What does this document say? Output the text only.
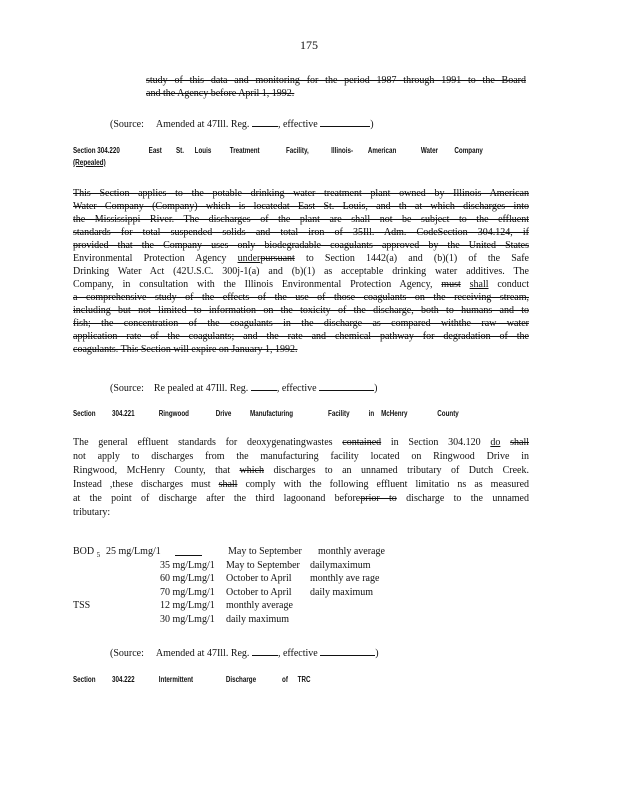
175

study of this data and monitoring for the period 1987 through 1991 to the Board

and the Agency before April 1, 1992.

(Source: Amended at 47Ill. Reg.	, effective	)
Section 304.220	East St. Louis Treatment	Facility,	Illinois- American	Water Company
(Repealed)

This Section applies to the potable drinking water treatment plant owned by Illinois American

Water Company (Company) which is locatedat East St. Louis, and th at which discharges into

the Mississippi River. The discharges of the plant are shall not be subject to the effluent

standards for total suspended solids and total iron of 35Ill. Adm. CodeSection 304.124, if

provided that the Company uses only biodegradable coagulants approved by the United States

Environmental Protection Agency underpursuant to Section 1442(a) and (b)(1) of the Safe

Drinking Water Act (42U.S.C. 300j-1(a) and (b)(1) as acceptable drinking water additives. The

Company, in consultation with the Illinois Environmental Protection Agency, must shall conduct

a comprehensive study of the effects of the use of those coagulants on the receiving stream,

including but not limited to information on the toxicity of the discharge, both to humans and to

fish; the concentration of the coagulants in the discharge as compared withthe raw water

application rate of the coagulants; and the rate and chemical pathway for degradation of the

coagulants. This Section will expire on January 1, 1992.

(Source: Re pealed at 47Ill. Reg.	, effective	)
Section 304.221	Ringwood	Drive Manufacturing	Facility in McHenry	County

The general effluent standards for deoxygenatingwastes contained in Section 304.120 do shall

not apply to discharges from the manufacturing facility located on Ringwood Drive in

Ringwood, McHenry County, that which discharges to an unnamed tributary of Dutch Creek.

Instead ,these discharges must shall comply with the following effluent limitatio ns as measured

at the point of discharge after the third lagoonand beforeprior to discharge to the unnamed

tributary:

BOD $_5$ 25 mg/Lmg/1	May to September monthly average
35 mg/Lmg/1 May to September dailymaximum
60 mg/Lmg/1 October to April monthly ave rage
70 mg/Lmg/1 October to April daily maximum
TSS	12 mg/Lmg/1 monthly average
30 mg/Lmg/1 daily maximum
(Source: Amended at 47Ill. Reg.	, effective	)
Section 304.222	Intermittent	Discharge	of TRC
